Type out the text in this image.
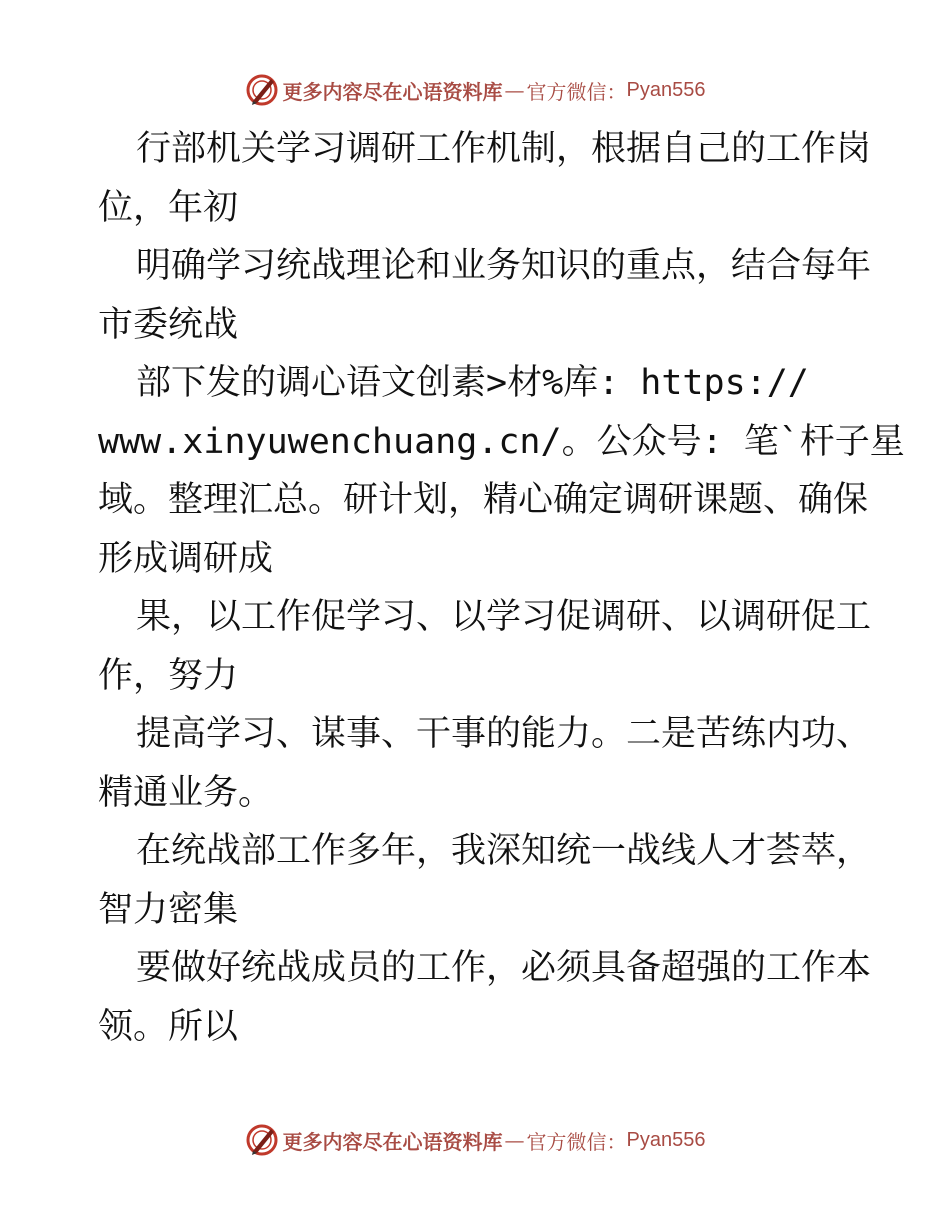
更多内容尽在心语资料库 — 官方微信： Pyan556
行部机关学习调研工作机制，根据自己的工作岗
位，年初
明确学习统战理论和业务知识的重点，结合每年
市委统战
部下发的调心语文创素>材%库: https://
www.xinyuwenchuang.cn/。公众号: 笔`杆子星
域。整理汇总。研计划，精心确定调研课题、确保
形成调研成
果，以工作促学习、以学习促调研、以调研促工
作，努力
提高学习、谋事、干事的能力。二是苦练内功、
精通业务。
在统战部工作多年，我深知统一战线人才荟萃，
智力密集
要做好统战成员的工作，必须具备超强的工作本
领。所以
更多内容尽在心语资料库 — 官方微信： Pyan556
